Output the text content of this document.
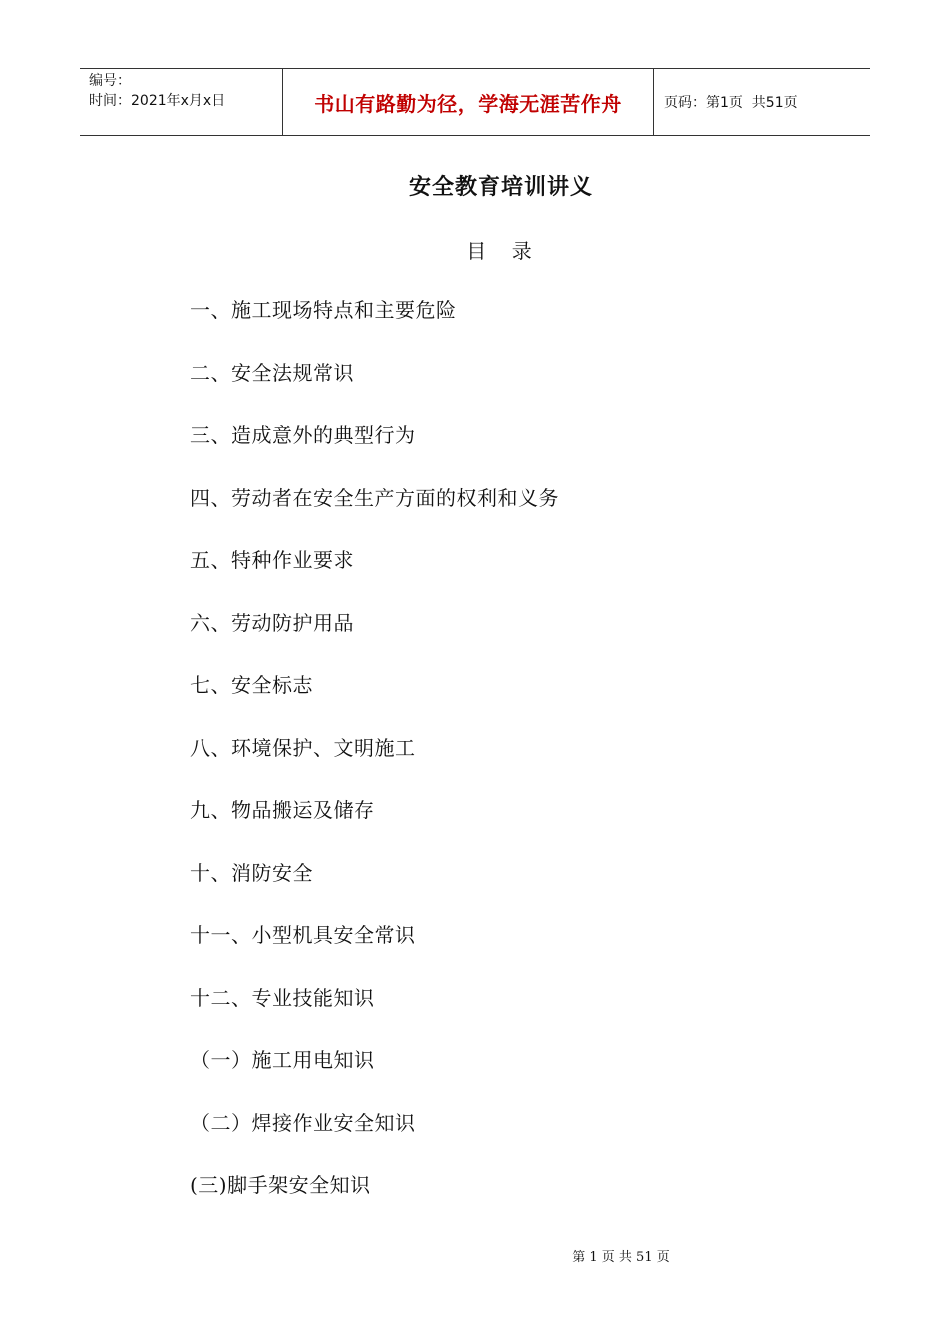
编号：
时间：2021年x月x日	书山有路勤为径，学海无涯苦作舟	页码：第1页  共51页
安全教育培训讲义
目    录
一、施工现场特点和主要危险
二、安全法规常识
三、造成意外的典型行为
四、劳动者在安全生产方面的权利和义务
五、特种作业要求
六、劳动防护用品
七、安全标志
八、环境保护、文明施工
九、物品搬运及储存
十、消防安全
十一、小型机具安全常识
十二、专业技能知识
（一）施工用电知识
（二）焊接作业安全知识
(三)脚手架安全知识
第 1 页 共 51 页
